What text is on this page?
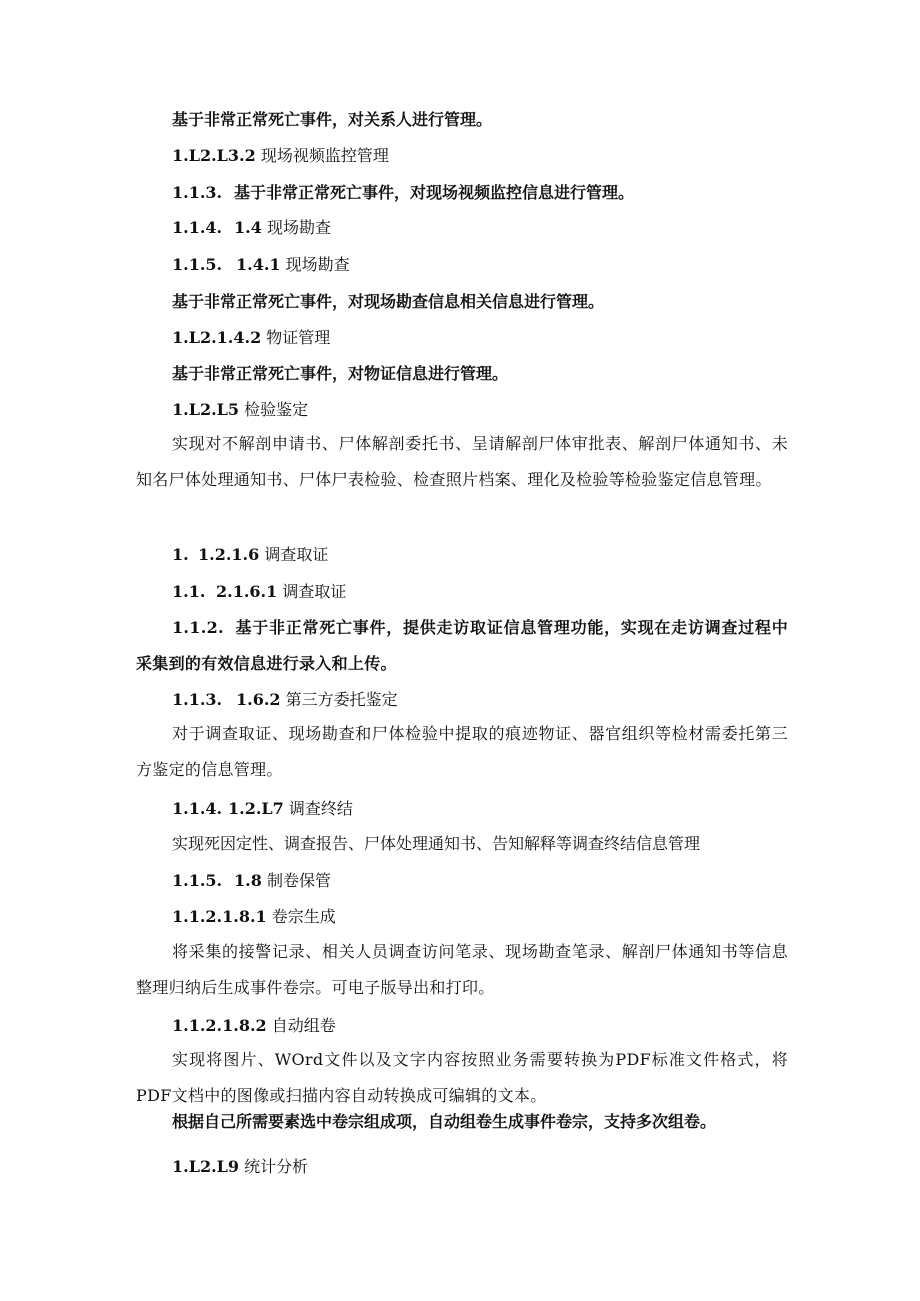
基于非常正常死亡事件，对关系人进行管理。
1.L2.L3.2 现场视频监控管理
1.1.3. 基于非常正常死亡事件，对现场视频监控信息进行管理。
1.1.4. 1.4 现场勘查
1.1.5. 1.4.1 现场勘查
基于非常正常死亡事件，对现场勘查信息相关信息进行管理。
1.L2.1.4.2 物证管理
基于非常正常死亡事件，对物证信息进行管理。
1.L2.L5 检验鉴定
实现对不解剖申请书、尸体解剖委托书、呈请解剖尸体审批表、解剖尸体通知书、未知名尸体处理通知书、尸体尸表检验、检查照片档案、理化及检验等检验鉴定信息管理。
1. 1.2.1.6 调查取证
1.1. 2.1.6.1 调查取证
1.1.2. 基于非正常死亡事件，提供走访取证信息管理功能，实现在走访调查过程中采集到的有效信息进行录入和上传。
1.1.3. 1.6.2 第三方委托鉴定
对于调查取证、现场勘查和尸体检验中提取的痕迹物证、器官组织等检材需委托第三方鉴定的信息管理。
1.1.4. 1.2.L7 调查终结
实现死因定性、调查报告、尸体处理通知书、告知解释等调查终结信息管理
1.1.5. 1.8 制卷保管
1.1.2.1.8.1 卷宗生成
将采集的接警记录、相关人员调查访问笔录、现场勘查笔录、解剖尸体通知书等信息整理归纳后生成事件卷宗。可电子版导出和打印。
1.1.2.1.8.2 自动组卷
实现将图片、WOrd文件以及文字内容按照业务需要转换为PDF标准文件格式，将PDF文档中的图像或扫描内容自动转换成可编辑的文本。
根据自己所需要素选中卷宗组成项，自动组卷生成事件卷宗，支持多次组卷。
1.L2.L9 统计分析
